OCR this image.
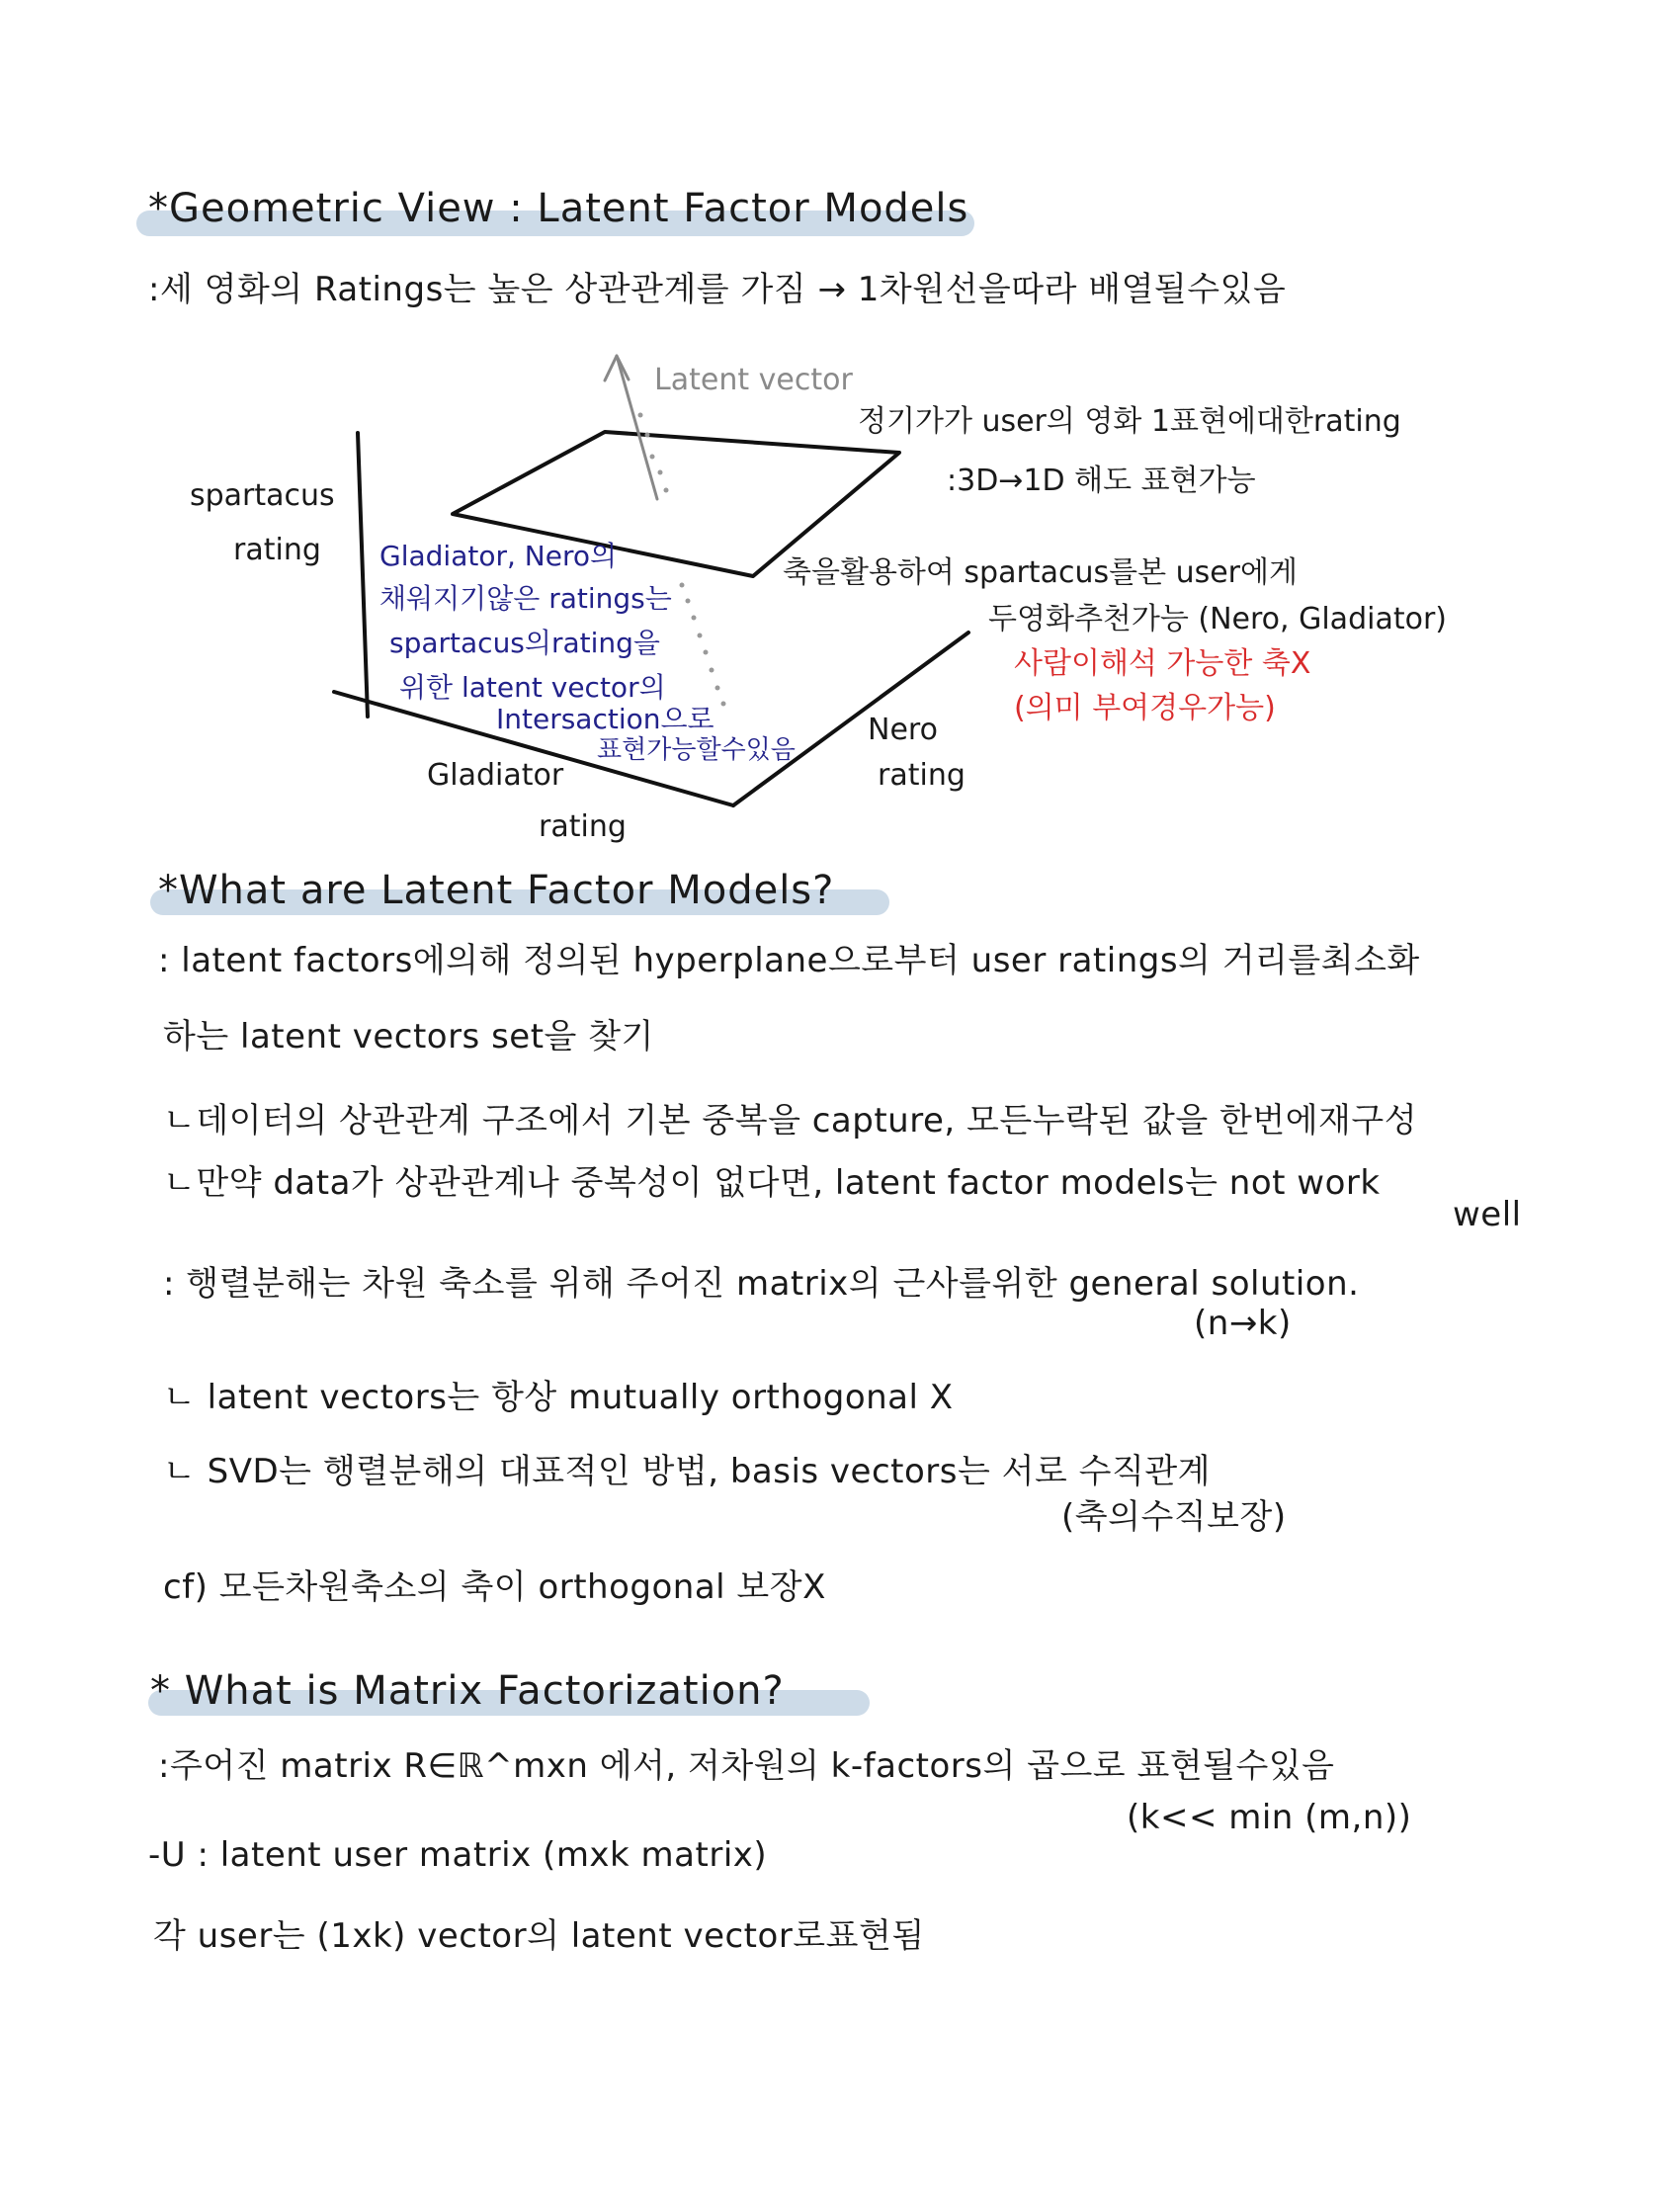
*Geometric View : Latent Factor Models
:세 영화의 Ratings는 높은 상관관계를 가짐 → 1차원선을따라 배열될수있음
Latent vector
spartacus
rating
Gladiator
rating
Nero
rating
정기가가 user의 영화 1표현에대한rating
:3D→1D 해도 표현가능
축을활용하여 spartacus를본 user에게
두영화추천가능 (Nero, Gladiator)
사람이해석 가능한 축X
(의미 부여경우가능)
Gladiator, Nero의
채워지기않은 ratings는
spartacus의rating을
위한 latent vector의
Intersaction으로
표현가능할수있음
*What are Latent Factor Models?
: latent factors에의해 정의된 hyperplane으로부터 user ratings의 거리를최소화
하는 latent vectors set을 찾기
ㄴ데이터의 상관관계 구조에서 기본 중복을 capture, 모든누락된 값을 한번에재구성
ㄴ만약 data가 상관관계나 중복성이 없다면, latent factor models는 not work
well
: 행렬분해는 차원 축소를 위해 주어진 matrix의 근사를위한 general solution.
(n→k)
ㄴ latent vectors는 항상 mutually orthogonal X
ㄴ SVD는 행렬분해의 대표적인 방법, basis vectors는 서로 수직관계
(축의수직보장)
cf) 모든차원축소의 축이 orthogonal 보장X
* What is Matrix Factorization?
:주어진 matrix R∈ℝ^mxn 에서, 저차원의 k-factors의 곱으로 표현될수있음
(k<< min (m,n))
-U : latent user matrix (mxk matrix)
각 user는 (1xk) vector의 latent vector로표현됨
